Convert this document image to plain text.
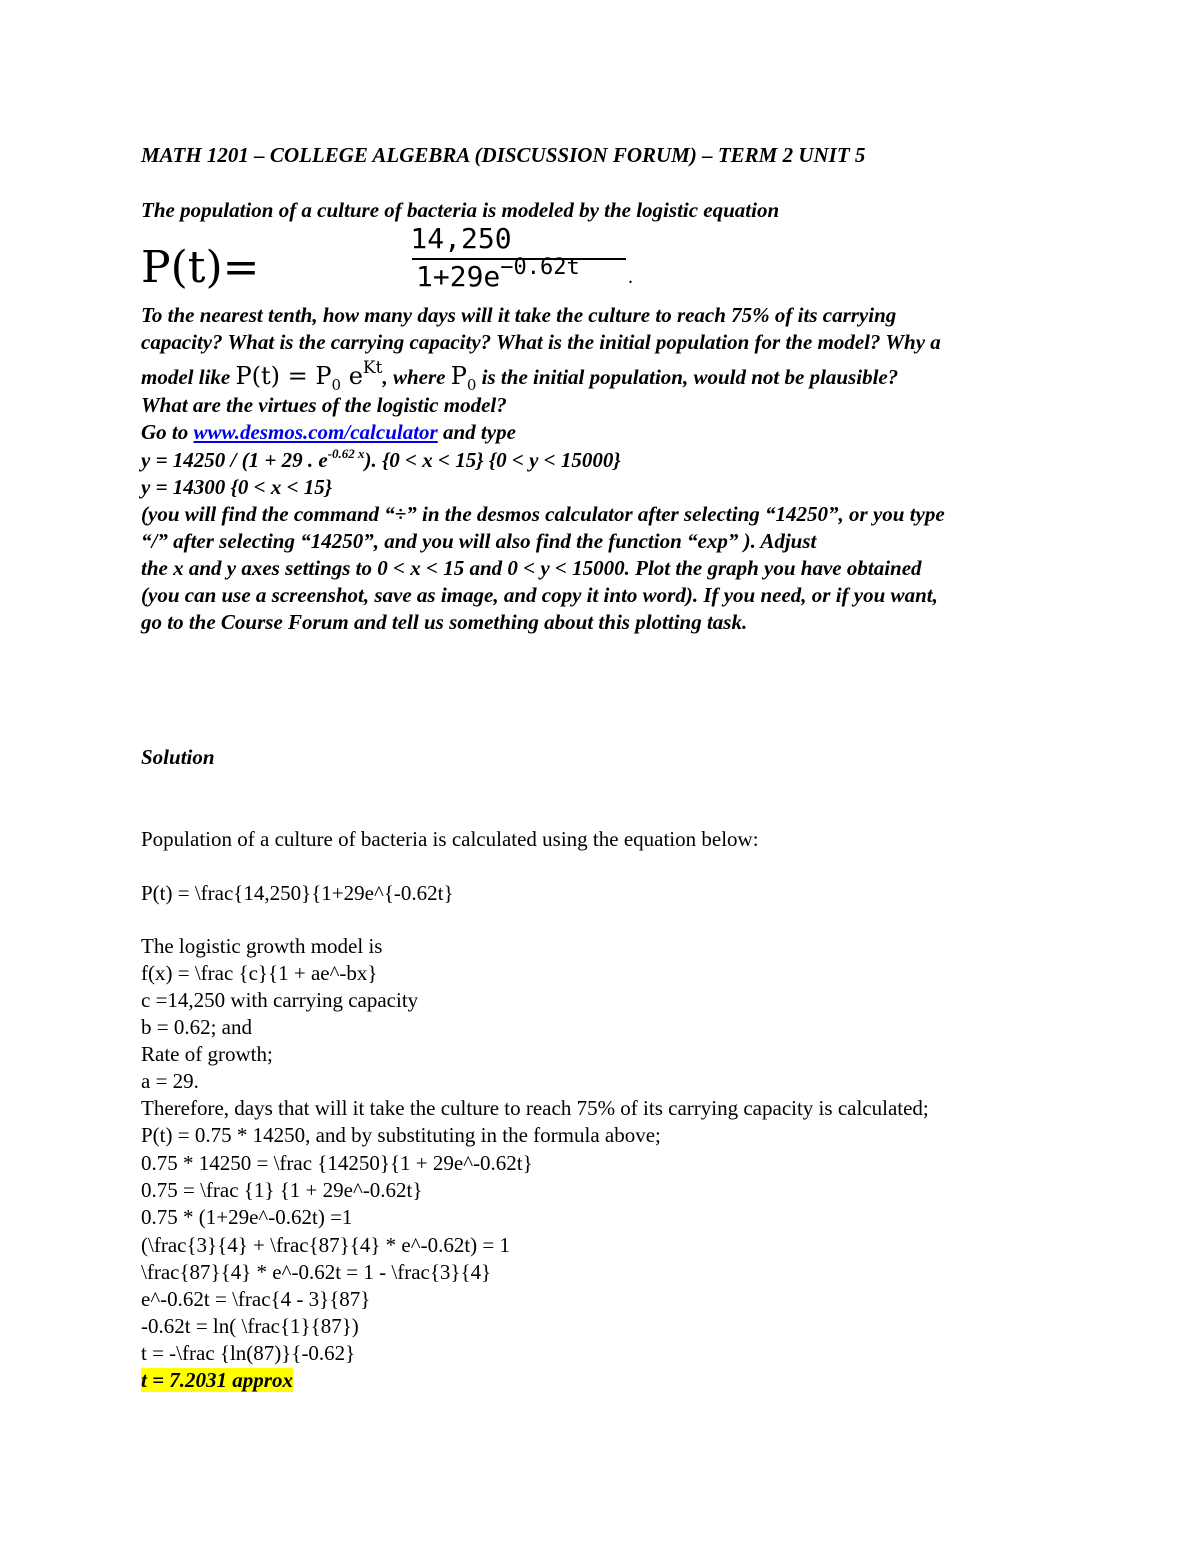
MATH 1201 – COLLEGE ALGEBRA (DISCUSSION FORUM) – TERM 2 UNIT 5
The population of a culture of bacteria is modeled by the logistic equation
P(t)=
14,250
$1+29e^{-0.62t}$ .
To the nearest tenth, how many days will it take the culture to reach 75% of its carrying
capacity? What is the carrying capacity? What is the initial population for the model? Why a
model like $P(t) = P_0$ $e^{Kt}$, where $P_0$ is the initial population, would not be plausible?
What are the virtues of the logistic model?
Go to www.desmos.com/calculator and type
y = 14250 / (1 + 29 . $e^{-0.62 x}$). {0 < x < 15} {0 < y < 15000}
y = 14300 {0 < x < 15}
(you will find the command “÷” in the desmos calculator after selecting “14250”, or you type
“/” after selecting “14250”, and you will also find the function “exp” ). Adjust
the x and y axes settings to 0 < x < 15 and 0 < y < 15000. Plot the graph you have obtained
(you can use a screenshot, save as image, and copy it into word). If you need, or if you want,
go to the Course Forum and tell us something about this plotting task.
Solution
Population of a culture of bacteria is calculated using the equation below:
P(t) = \frac{14,250}{1+29e^{-0.62t}
The logistic growth model is
f(x) = \frac {c}{1 + ae^-bx}
c =14,250 with carrying capacity
b = 0.62; and
Rate of growth;
a = 29.
Therefore, days that will it take the culture to reach 75% of its carrying capacity is calculated;
P(t) = 0.75 * 14250, and by substituting in the formula above;
0.75 * 14250 = \frac {14250}{1 + 29e^-0.62t}
0.75 = \frac {1} {1 + 29e^-0.62t}
0.75 * (1+29e^-0.62t) =1
(\frac{3}{4} + \frac{87}{4} * e^-0.62t) = 1
\frac{87}{4} * e^-0.62t = 1 - \frac{3}{4}
e^-0.62t = \frac{4 - 3}{87}
-0.62t = ln( \frac{1}{87})
t = -\frac {ln(87)}{-0.62}
t = 7.2031 approx
